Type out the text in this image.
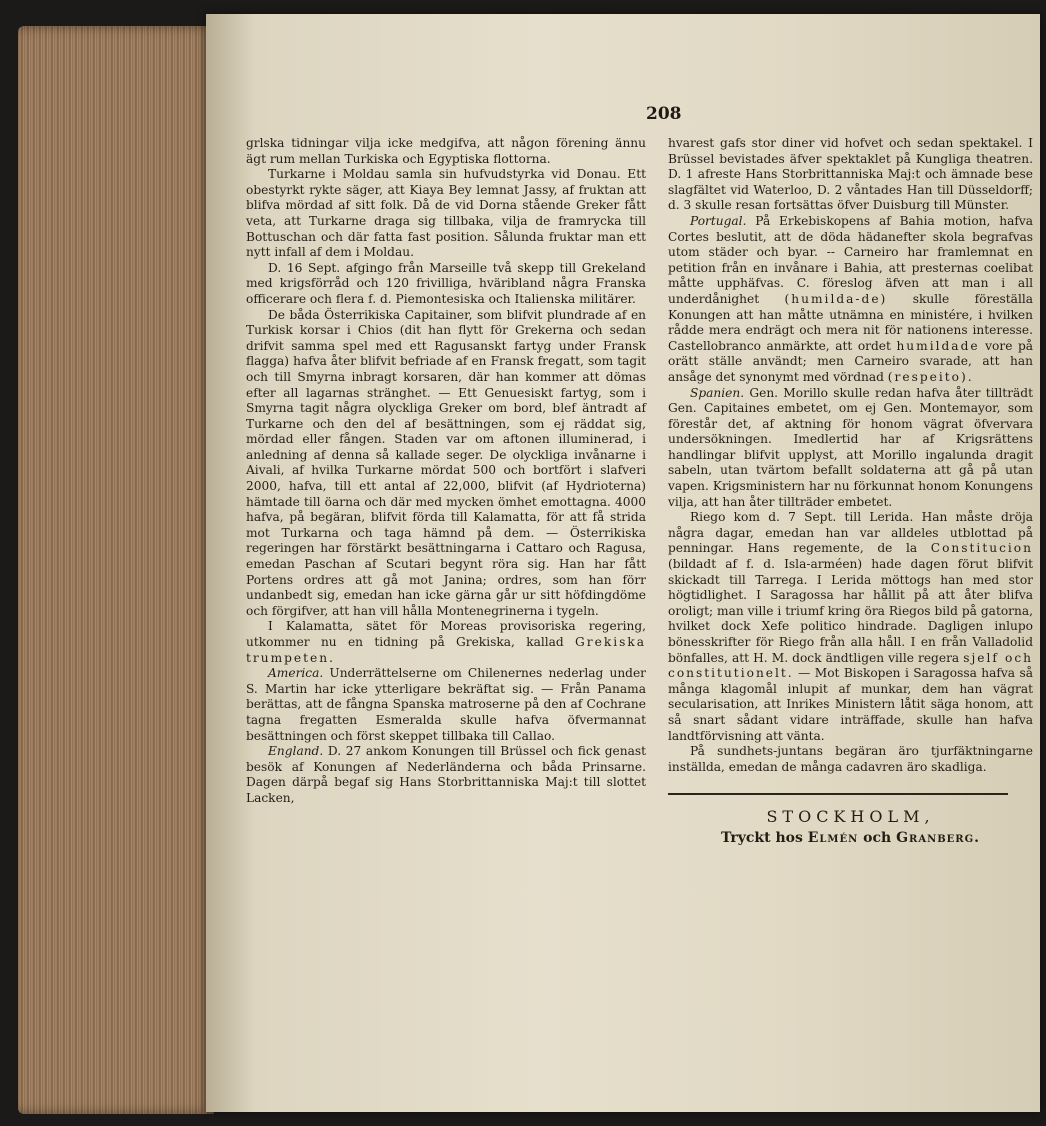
208

grlska tidningar vilja icke medgifva, att någon förening ännu ägt rum mellan Turkiska och Egyptiska flottorna.

Turkarne i Moldau samla sin hufvudstyrka vid Donau. Ett obestyrkt rykte säger, att Kiaya Bey lemnat Jassy, af fruktan att blifva mördad af sitt folk. Då de vid Dorna stående Greker fått veta, att Turkarne draga sig tillbaka, vilja de framrycka till Bottuschan och där fatta fast position. Sålunda fruktar man ett nytt infall af dem i Moldau.

D. 16 Sept. afgingo från Marseille två skepp till Grekeland med krigsförråd och 120 frivilliga, hväribland några Franska officerare och flera f. d. Piemontesiska och Italienska militärer.

De båda Österrikiska Capitainer, som blifvit plundrade af en Turkisk korsar i Chios (dit han flytt för Grekerna och sedan drifvit samma spel med ett Ragusanskt fartyg under Fransk flagga) hafva åter blifvit befriade af en Fransk fregatt, som tagit och till Smyrna inbragt korsaren, där han kommer att dömas efter all lagarnas stränghet. — Ett Genuesiskt fartyg, som i Smyrna tagit några olyckliga Greker om bord, blef äntradt af Turkarne och den del af besättningen, som ej räddat sig, mördad eller fången. Staden var om aftonen illuminerad, i anledning af denna så kallade seger. De olyckliga invånarne i Aivali, af hvilka Turkarne mördat 500 och bortfört i slafveri 2000, hafva, till ett antal af 22,000, blifvit (af Hydrioterna) hämtade till öarna och där med mycken ömhet emottagna. 4000 hafva, på begäran, blifvit förda till Kalamatta, för att få strida mot Turkarna och taga hämnd på dem. — Österrikiska regeringen har förstärkt besättningarna i Cattaro och Ragusa, emedan Paschan af Scutari begynt röra sig. Han har fått Portens ordres att gå mot Janina; ordres, som han förr undanbedt sig, emedan han icke gärna går ur sitt höfdingdöme och förgifver, att han vill hålla Montenegrinerna i tygeln.

I Kalamatta, sätet för Moreas provisoriska regering, utkommer nu en tidning på Grekiska, kallad Grekiska trumpeten.

America. Underrättelserne om Chilenernes nederlag under S. Martin har icke ytterligare bekräftat sig. — Från Panama berättas, att de fångna Spanska matroserne på den af Cochrane tagna fregatten Esmeralda skulle hafva öfvermannat besättningen och först skeppet tillbaka till Callao.

England. D. 27 ankom Konungen till Brüssel och fick genast besök af Konungen af Nederländerna och båda Prinsarne. Dagen därpå begaf sig Hans Storbrittanniska Maj:t till slottet Lacken,

hvarest gafs stor diner vid hofvet och sedan spektakel. I Brüssel bevistades äfver spektaklet på Kungliga theatren. D. 1 afreste Hans Storbrittanniska Maj:t och ämnade bese slagfältet vid Waterloo, D. 2 våntades Han till Düsseldorff; d. 3 skulle resan fortsättas öfver Duisburg till Münster.

Portugal. På Erkebiskopens af Bahia motion, hafva Cortes beslutit, att de döda hädanefter skola begrafvas utom städer och byar. -- Carneiro har framlemnat en petition från en invånare i Bahia, att presternas coelibat måtte upphäfvas. C. föreslog äfven att man i all underdånighet (humilda-de) skulle föreställa Konungen att han måtte utnämna en ministére, i hvilken rådde mera endrägt och mera nit för nationens interesse. Castellobranco anmärkte, att ordet humildade vore på orätt ställe användt; men Carneiro svarade, att han ansåge det synonymt med vördnad (respeito).

Spanien. Gen. Morillo skulle redan hafva åter tillträdt Gen. Capitaines embetet, om ej Gen. Montemayor, som förestår det, af aktning för honom vägrat öfvervara undersökningen. Imedlertid har af Krigsrättens handlingar blifvit upplyst, att Morillo ingalunda dragit sabeln, utan tvärtom befallt soldaterna att gå på utan vapen. Krigsministern har nu förkunnat honom Konungens vilja, att han åter tillträder embetet.

Riego kom d. 7 Sept. till Lerida. Han måste dröja några dagar, emedan han var alldeles utblottad på penningar. Hans regemente, de la Constitucion (bildadt af f. d. Isla-arméen) hade dagen förut blifvit skickadt till Tarrega. I Lerida möttogs han med stor högtidlighet. I Saragossa har hållit på att åter blifva oroligt; man ville i triumf kring öra Riegos bild på gatorna, hvilket dock Xefe politico hindrade. Dagligen inlupo bönesskrifter för Riego från alla håll. I en från Valladolid bönfalles, att H. M. dock ändtligen ville regera sjelf och constitutionelt. — Mot Biskopen i Saragossa hafva så många klagomål inlupit af munkar, dem han vägrat secularisation, att Inrikes Ministern låtit säga honom, att så snart sådant vidare inträffade, skulle han hafva landtförvisning att vänta.

På sundhets-juntans begäran äro tjurfäktningarne inställda, emedan de många cadavren äro skadliga.

STOCKHOLM,
Tryckt hos Elmén och Granberg.
